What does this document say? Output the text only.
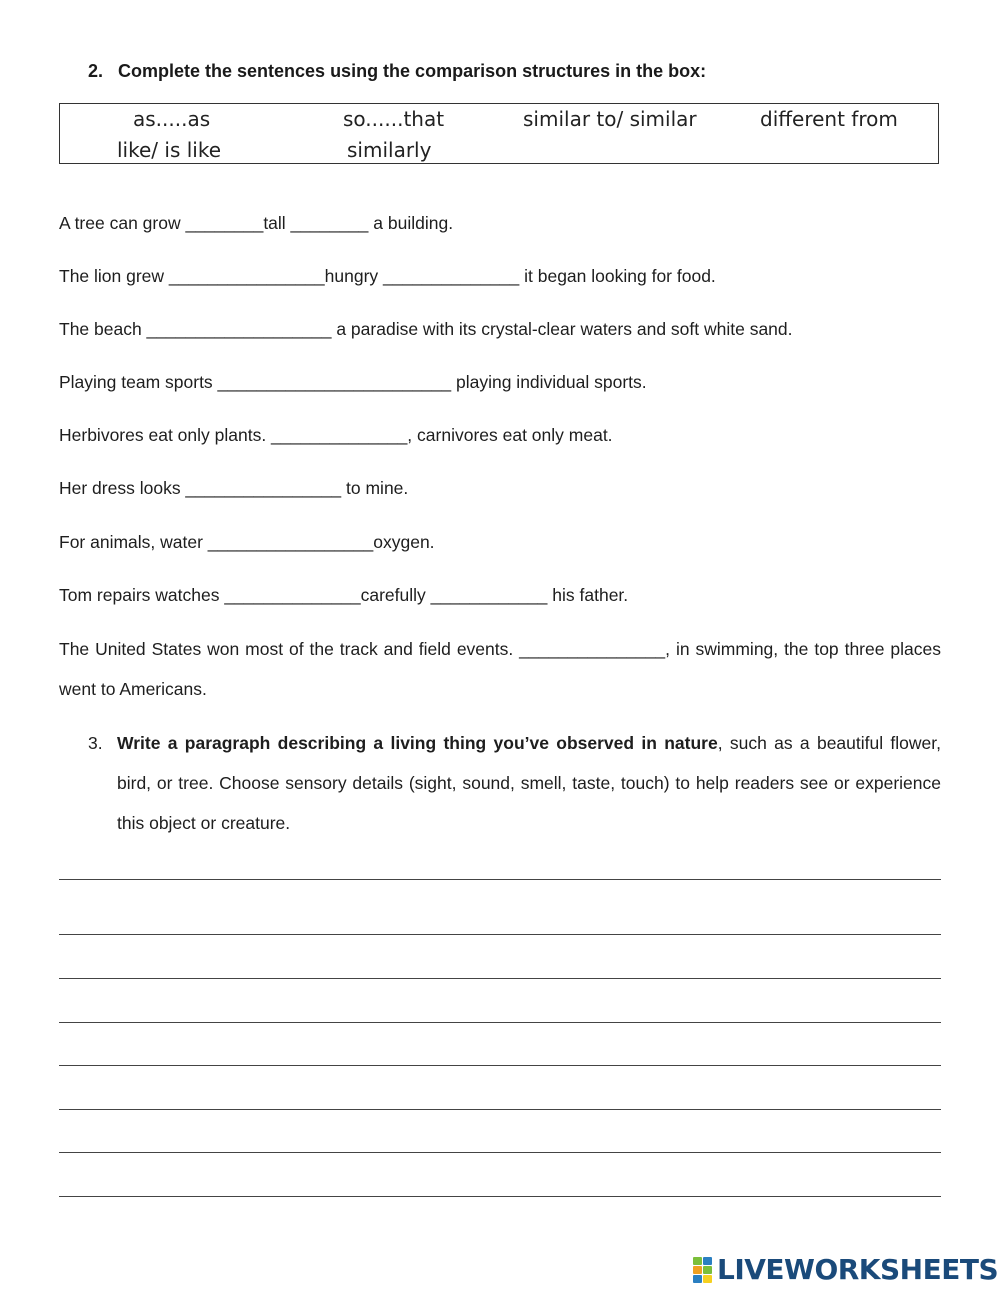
2. Complete the sentences using the comparison structures in the box:
as.....as	so......that	similar to/ similar	different from
like/ is like	similarly
A tree can grow ________tall ________ a building.
The lion grew ________________hungry ______________ it began looking for food.
The beach ___________________ a paradise with its crystal-clear waters and soft white sand.
Playing team sports ________________________ playing individual sports.
Herbivores eat only plants. ______________, carnivores eat only meat.
Her dress looks ________________ to mine.
For animals, water _________________oxygen.
Tom repairs watches ______________carefully ____________ his father.
The United States won most of the track and field events. _______________, in swimming, the top three places went to Americans.
3. Write a paragraph describing a living thing you’ve observed in nature, such as a beautiful flower, bird, or tree. Choose sensory details (sight, sound, smell, taste, touch) to help readers see or experience this object or creature.
LIVEWORKSHEETS
